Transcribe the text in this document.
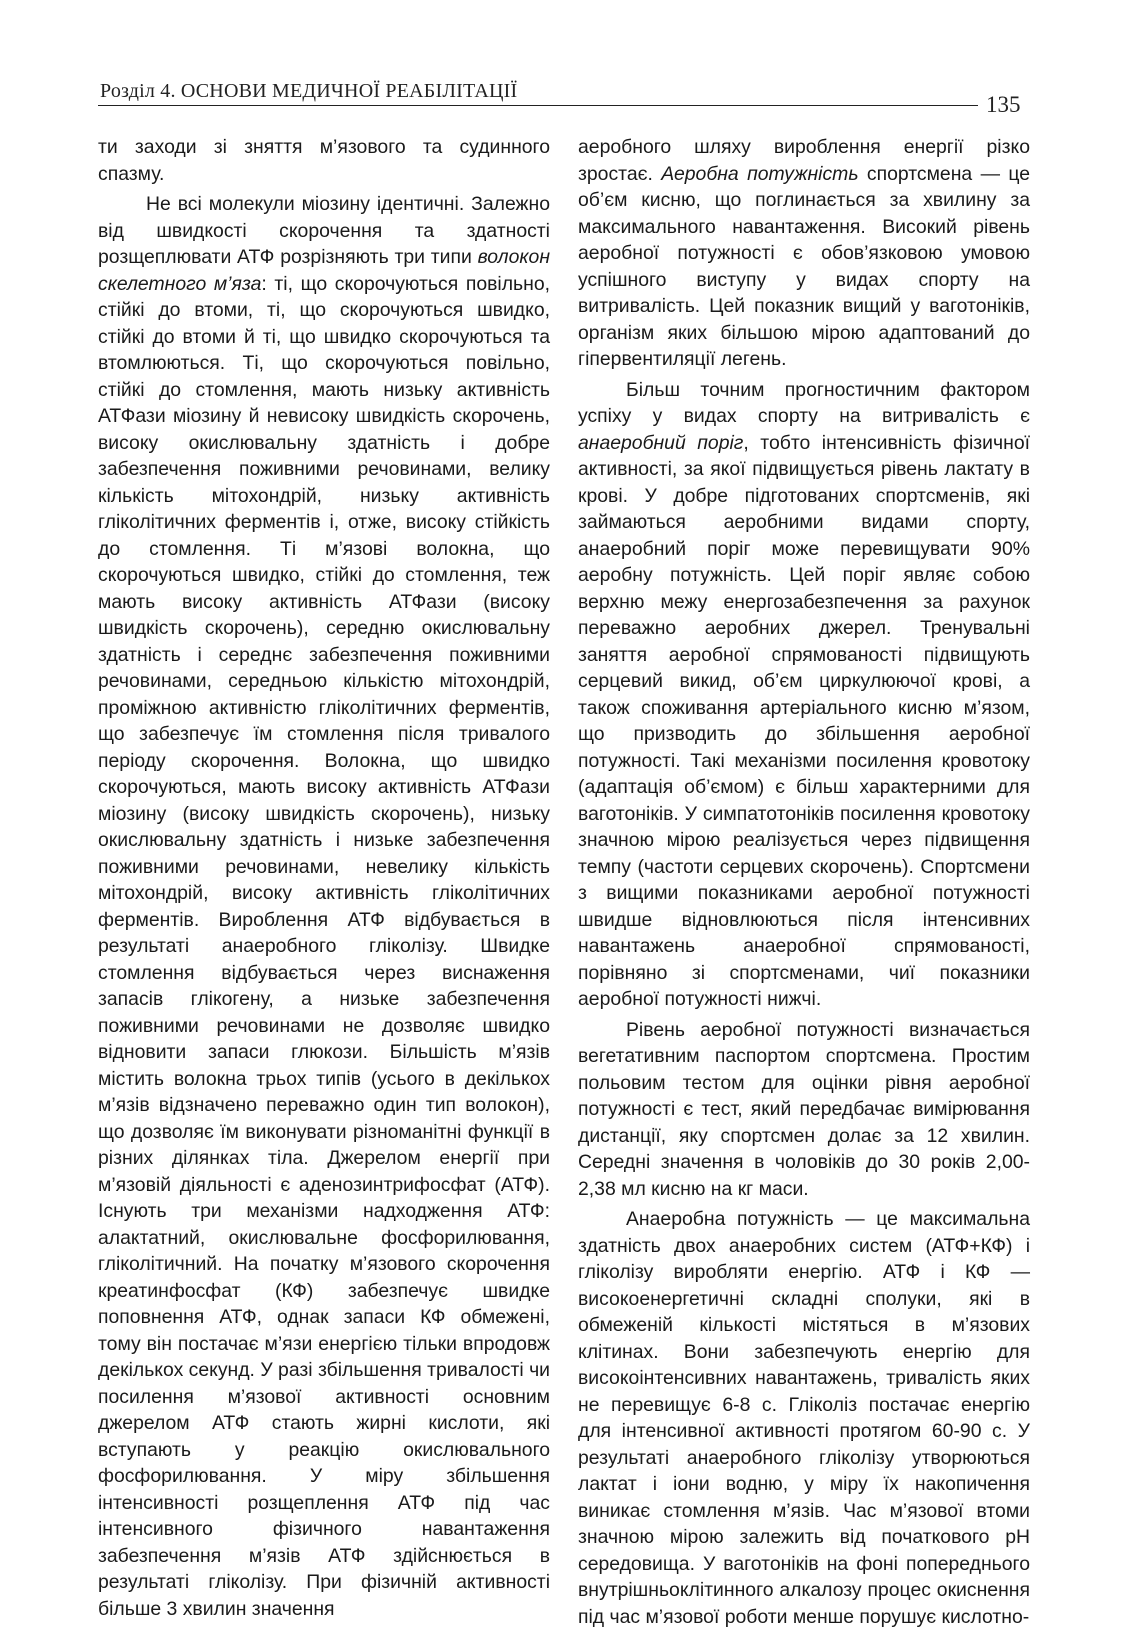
Розділ 4. ОСНОВИ МЕДИЧНОЇ РЕАБІЛІТАЦІЇ
135

ти заходи зі зняття м’язового та судинного спазму.

Не всі молекули міозину ідентичні. Залежно від швидкості скорочення та здатності розщеплювати АТФ розрізняють три типи волокон скелетного м’яза: ті, що скорочуються повільно, стійкі до втоми, ті, що скорочуються швидко, стійкі до втоми й ті, що швидко скорочуються та втомлюються. Ті, що скорочуються повільно, стійкі до стомлення, мають низьку активність АТФази міозину й невисоку швидкість скорочень, високу окислювальну здатність і добре забезпечення поживними речовинами, велику кількість мітохондрій, низьку активність гліколітичних ферментів і, отже, високу стійкість до стомлення. Ті м’язові волокна, що скорочуються швидко, стійкі до стомлення, теж мають високу активність АТФази (високу швидкість скорочень), середню окислювальну здатність і середнє забезпечення поживними речовинами, середньою кількістю мітохондрій, проміжною активністю гліколітичних ферментів, що забезпечує їм стомлення після тривалого періоду скорочення. Волокна, що швидко скорочуються, мають високу активність АТФази міозину (високу швидкість скорочень), низьку окислювальну здатність і низьке забезпечення поживними речовинами, невелику кількість мітохондрій, високу активність гліколітичних ферментів. Вироблення АТФ відбувається в результаті анаеробного гліколізу. Швидке стомлення відбувається через виснаження запасів глікогену, а низьке забезпечення поживними речовинами не дозволяє швидко відновити запаси глюкози. Більшість м’язів містить волокна трьох типів (усього в декількох м’язів відзначено переважно один тип волокон), що дозволяє їм виконувати різноманітні функції в різних ділянках тіла. Джерелом енергії при м’язовій діяльності є аденозинтрифосфат (АТФ). Існують три механізми надходження АТФ: алактатний, окислювальне фосфорилювання, гліколітичний. На початку м’язового скорочення креатинфосфат (КФ) забезпечує швидке поповнення АТФ, однак запаси КФ обмежені, тому він постачає м’язи енергією тільки впродовж декількох секунд. У разі збільшення тривалості чи посилення м’язової активності основним джерелом АТФ стають жирні кислоти, які вступають у реакцію окислювального фосфорилювання. У міру збільшення інтенсивності розщеплення АТФ під час інтенсивного фізичного навантаження забезпечення м’язів АТФ здійснюється в результаті гліколізу. При фізичній активності більше 3 хвилин значення

аеробного шляху вироблення енергії різко зростає. Аеробна потужність спортсмена — це об’єм кисню, що поглинається за хвилину за максимального навантаження. Високий рівень аеробної потужності є обов’язковою умовою успішного виступу у видах спорту на витривалість. Цей показник вищий у ваготоніків, організм яких більшою мірою адаптований до гіпервентиляції легень.

Більш точним прогностичним фактором успіху у видах спорту на витривалість є анаеробний поріг, тобто інтенсивність фізичної активності, за якої підвищується рівень лактату в крові. У добре підготованих спортсменів, які займаються аеробними видами спорту, анаеробний поріг може перевищувати 90% аеробну потужність. Цей поріг являє собою верхню межу енергозабезпечення за рахунок переважно аеробних джерел. Тренувальні заняття аеробної спрямованості підвищують серцевий викид, об’єм циркулюючої крові, а також споживання артеріального кисню м’язом, що призводить до збільшення аеробної потужності. Такі механізми посилення кровотоку (адаптація об’ємом) є більш характерними для ваготоніків. У симпатотоніків посилення кровотоку значною мірою реалізується через підвищення темпу (частоти серцевих скорочень). Спортсмени з вищими показниками аеробної потужності швидше відновлюються після інтенсивних навантажень анаеробної спрямованості, порівняно зі спортсменами, чиї показники аеробної потужності нижчі.

Рівень аеробної потужності визначається вегетативним паспортом спортсмена. Простим польовим тестом для оцінки рівня аеробної потужності є тест, який передбачає вимірювання дистанції, яку спортсмен долає за 12 хвилин. Середні значення в чоловіків до 30 років 2,00-2,38 мл кисню на кг маси.

Анаеробна потужність — це максимальна здатність двох анаеробних систем (АТФ+КФ) і гліколізу виробляти енергію. АТФ і КФ — високоенергетичні складні сполуки, які в обмеженій кількості містяться в м’язових клітинах. Вони забезпечують енергію для високоінтенсивних навантажень, тривалість яких не перевищує 6-8 с. Гліколіз постачає енергію для інтенсивної активності протягом 60-90 с. У результаті анаеробного гліколізу утворюються лактат і іони водню, у міру їх накопичення виникає стомлення м’язів. Час м’язової втоми значною мірою залежить від початкового pH середовища. У ваготоніків на фоні попереднього внутрішньоклітинного алкалозу процес окиснення під час м’язової роботи менше порушує кислотно-
